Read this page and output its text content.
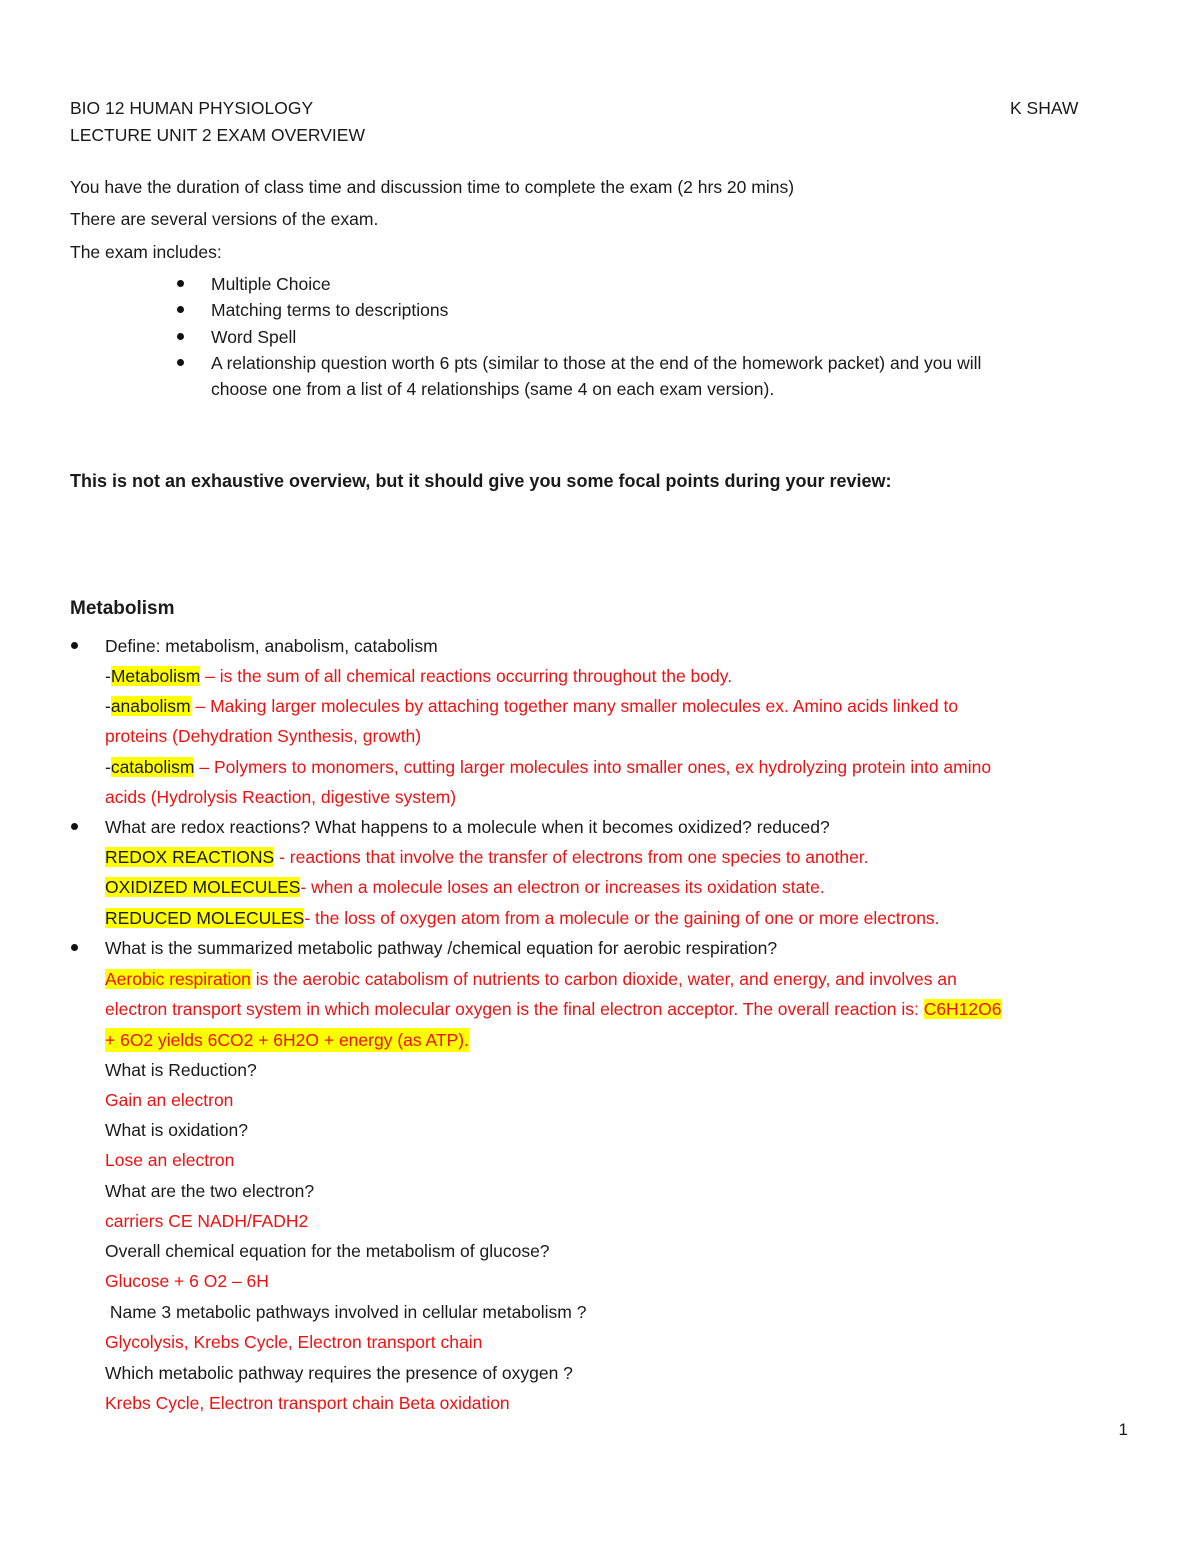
BIO 12 HUMAN PHYSIOLOGY	K SHAW
LECTURE UNIT 2 EXAM OVERVIEW
You have the duration of class time and discussion time to complete the exam (2 hrs 20 mins)
There are several versions of the exam.
The exam includes:
Multiple Choice
Matching terms to descriptions
Word Spell
A relationship question worth 6 pts (similar to those at the end of the homework packet) and you will
choose one from a list of 4 relationships (same 4 on each exam version).
This is not an exhaustive overview, but it should give you some focal points during your review:
Metabolism
Define: metabolism, anabolism, catabolism
-Metabolism – is the sum of all chemical reactions occurring throughout the body.
-anabolism – Making larger molecules by attaching together many smaller molecules ex. Amino acids linked to
proteins (Dehydration Synthesis, growth)
-catabolism – Polymers to monomers, cutting larger molecules into smaller ones, ex hydrolyzing protein into amino
acids (Hydrolysis Reaction, digestive system)
What are redox reactions? What happens to a molecule when it becomes oxidized? reduced?
REDOX REACTIONS - reactions that involve the transfer of electrons from one species to another.
OXIDIZED MOLECULES- when a molecule loses an electron or increases its oxidation state.
REDUCED MOLECULES- the loss of oxygen atom from a molecule or the gaining of one or more electrons.
What is the summarized metabolic pathway /chemical equation for aerobic respiration?
Aerobic respiration is the aerobic catabolism of nutrients to carbon dioxide, water, and energy, and involves an
electron transport system in which molecular oxygen is the final electron acceptor. The overall reaction is: C6H12O6
+ 6O2 yields 6CO2 + 6H2O + energy (as ATP).
What is Reduction?
Gain an electron
What is oxidation?
Lose an electron
What are the two electron?
carriers CE NADH/FADH2
Overall chemical equation for the metabolism of glucose?
Glucose + 6 O2 – 6H
Name 3 metabolic pathways involved in cellular metabolism ?
Glycolysis, Krebs Cycle, Electron transport chain
Which metabolic pathway requires the presence of oxygen ?
Krebs Cycle, Electron transport chain Beta oxidation
1
